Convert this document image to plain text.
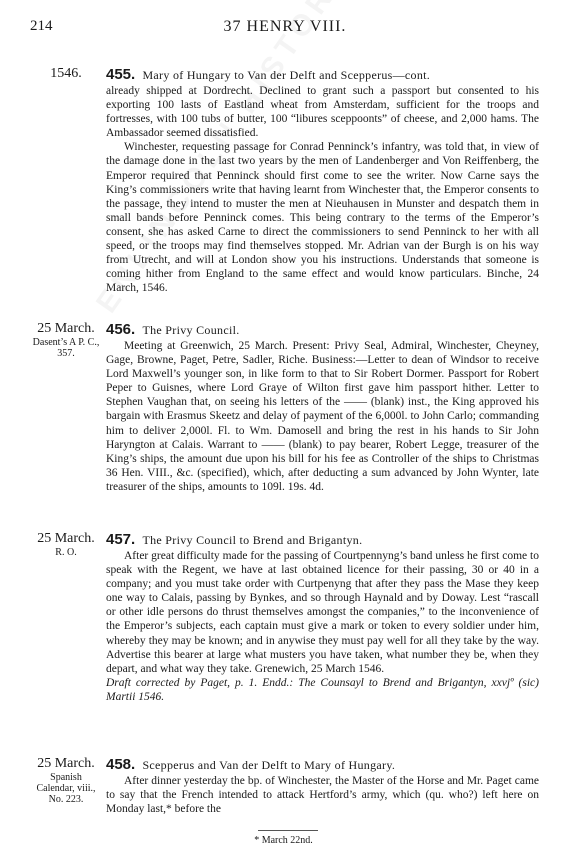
214	37 HENRY VIII.
1546.	455. Mary of Hungary to Van der Delft and Scepperus—cont.

already shipped at Dordrecht. Declined to grant such a passport but consented to his exporting 100 lasts of Eastland wheat from Amsterdam, sufficient for the troops and fortresses, with 100 tubs of butter, 100 “libures sceppoonts” of cheese, and 2,000 hams. The Ambassador seemed dissatisfied.

Winchester, requesting passage for Conrad Penninck’s infantry, was told that, in view of the damage done in the last two years by the men of Landenberger and Von Reiffenberg, the Emperor required that Penninck should first come to see the writer. Now Carne says the King’s commissioners write that having learnt from Winchester that, the Emperor consents to the passage, they intend to muster the men at Nieuhausen in Munster and despatch them in small bands before Penninck comes. This being contrary to the terms of the Emperor’s consent, she has asked Carne to direct the commissioners to send Penninck to her with all speed, or the troops may find themselves stopped. Mr. Adrian van der Burgh is on his way from Utrecht, and will at London show you his instructions. Understands that someone is coming hither from England to the same effect and would know particulars. Binche, 24 March, 1546.

25 March.
Dasent’s A P. C., 357.
456. The Privy Council.

Meeting at Greenwich, 25 March. Present: Privy Seal, Admiral, Winchester, Cheyney, Gage, Browne, Paget, Petre, Sadler, Riche. Business:—Letter to dean of Windsor to receive Lord Maxwell’s younger son, in like form to that to Sir Robert Dormer. Passport for Robert Peper to Guisnes, where Lord Graye of Wilton first gave him passport hither. Letter to Stephen Vaughan that, on seeing his letters of the —— (blank) inst., the King approved his bargain with Erasmus Skeetz and delay of payment of the 6,000l. to John Carlo; commanding him to deliver 2,000l. Fl. to Wm. Damosell and bring the rest in his hands to Sir John Haryngton at Calais. Warrant to —— (blank) to pay bearer, Robert Legge, treasurer of the King’s ships, the amount due upon his bill for his fee as Controller of the ships to Christmas 36 Hen. VIII., &c. (specified), which, after deducting a sum advanced by John Wynter, late treasurer of the ships, amounts to 109l. 19s. 4d.

25 March.
R. O.
457. The Privy Council to Brend and Brigantyn.

After great difficulty made for the passing of Courtpennyng’s band unless he first come to speak with the Regent, we have at last obtained licence for their passing, 30 or 40 in a company; and you must take order with Curtpenyng that after they pass the Mase they keep one way to Calais, passing by Bynkes, and so through Haynald and by Doway. Lest “rascall or other idle persons do thrust themselves amongst the companies,” to the inconvenience of the Emperor’s subjects, each captain must give a mark or token to every soldier under him, whereby they may be known; and in anywise they must pay well for all they take by the way. Advertise this bearer at large what musters you have taken, what number they be, when they depart, and what way they take. Grenewich, 25 March 1546.

Draft corrected by Paget, p. 1. Endd.: The Counsayl to Brend and Brigantyn, xxvjº (sic) Martii 1546.

25 March.
Spanish Calendar, viii., No. 223.
458. Scepperus and Van der Delft to Mary of Hungary.

After dinner yesterday the bp. of Winchester, the Master of the Horse and Mr. Paget came to say that the French intended to attack Hertford’s army, which (qu. who?) left here on Monday last,* before the

* March 22nd.
